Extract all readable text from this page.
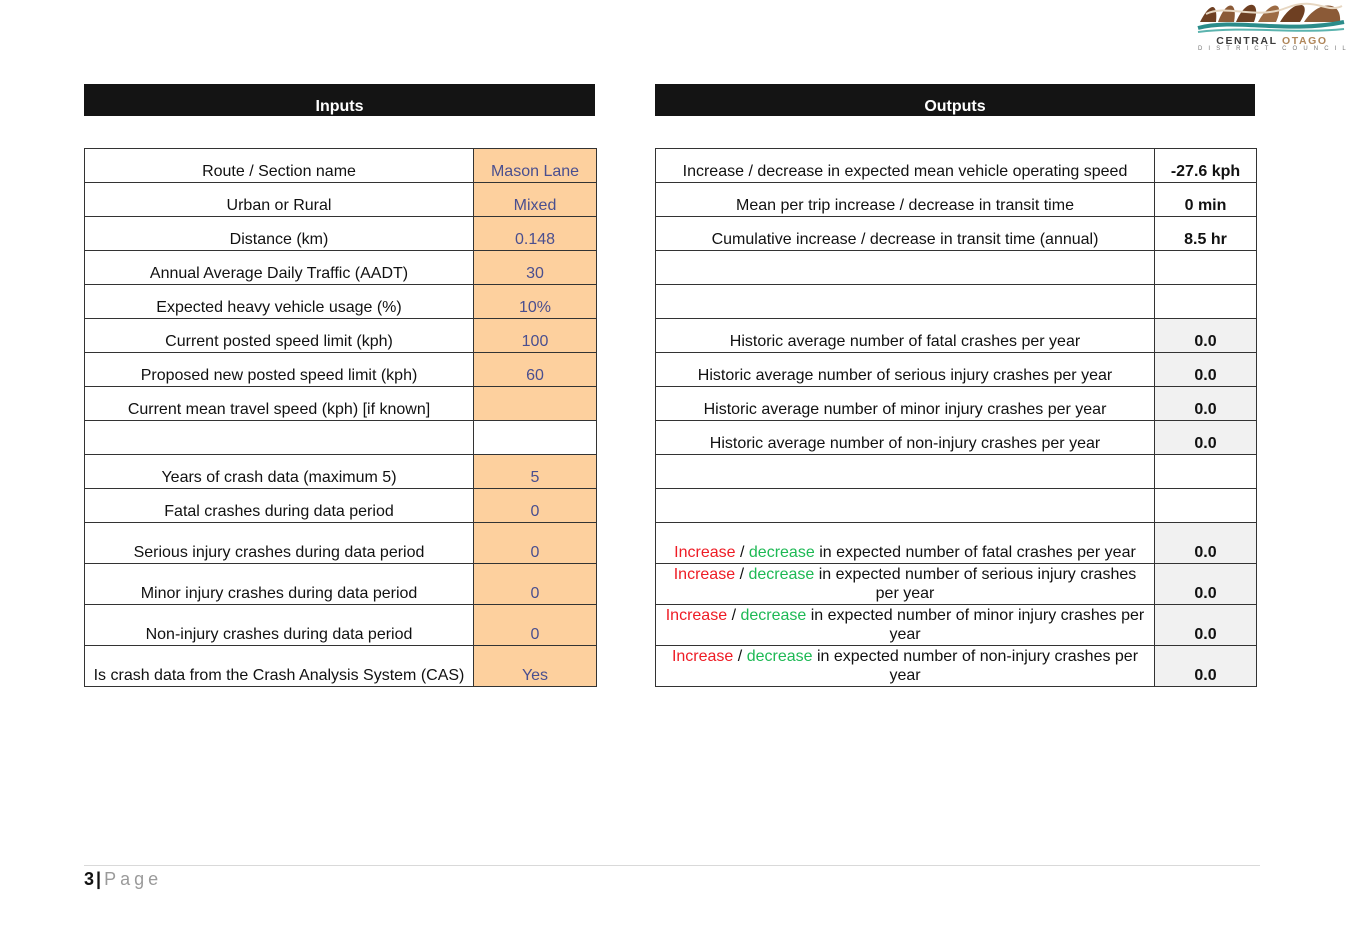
CENTRAL OTAGO
DISTRICT COUNCIL
Inputs	Outputs
Route / Section name	Mason Lane
Urban or Rural	Mixed
Distance (km)	0.148
Annual Average Daily Traffic (AADT)	30
Expected heavy vehicle usage (%)	10%
Current posted speed limit (kph)	100
Proposed new posted speed limit (kph)	60
Current mean travel speed (kph) [if known]	

Years of crash data (maximum 5)	5
Fatal crashes during data period	0
Serious injury crashes during data period	0
Minor injury crashes during data period	0
Non-injury crashes during data period	0
Is crash data from the Crash Analysis System (CAS)	Yes
Increase / decrease in expected mean vehicle operating speed	-27.6 kph
Mean per trip increase / decrease in transit time	0 min
Cumulative increase / decrease in transit time (annual)	8.5 hr

Historic average number of fatal crashes per year	0.0
Historic average number of serious injury crashes per year	0.0
Historic average number of minor injury crashes per year	0.0
Historic average number of non-injury crashes per year	0.0

Increase / decrease in expected number of fatal crashes per year	0.0
Increase / decrease in expected number of serious injury crashes per year	0.0
Increase / decrease in expected number of minor injury crashes per year	0.0
Increase / decrease in expected number of non-injury crashes per year	0.0
3 | Page
